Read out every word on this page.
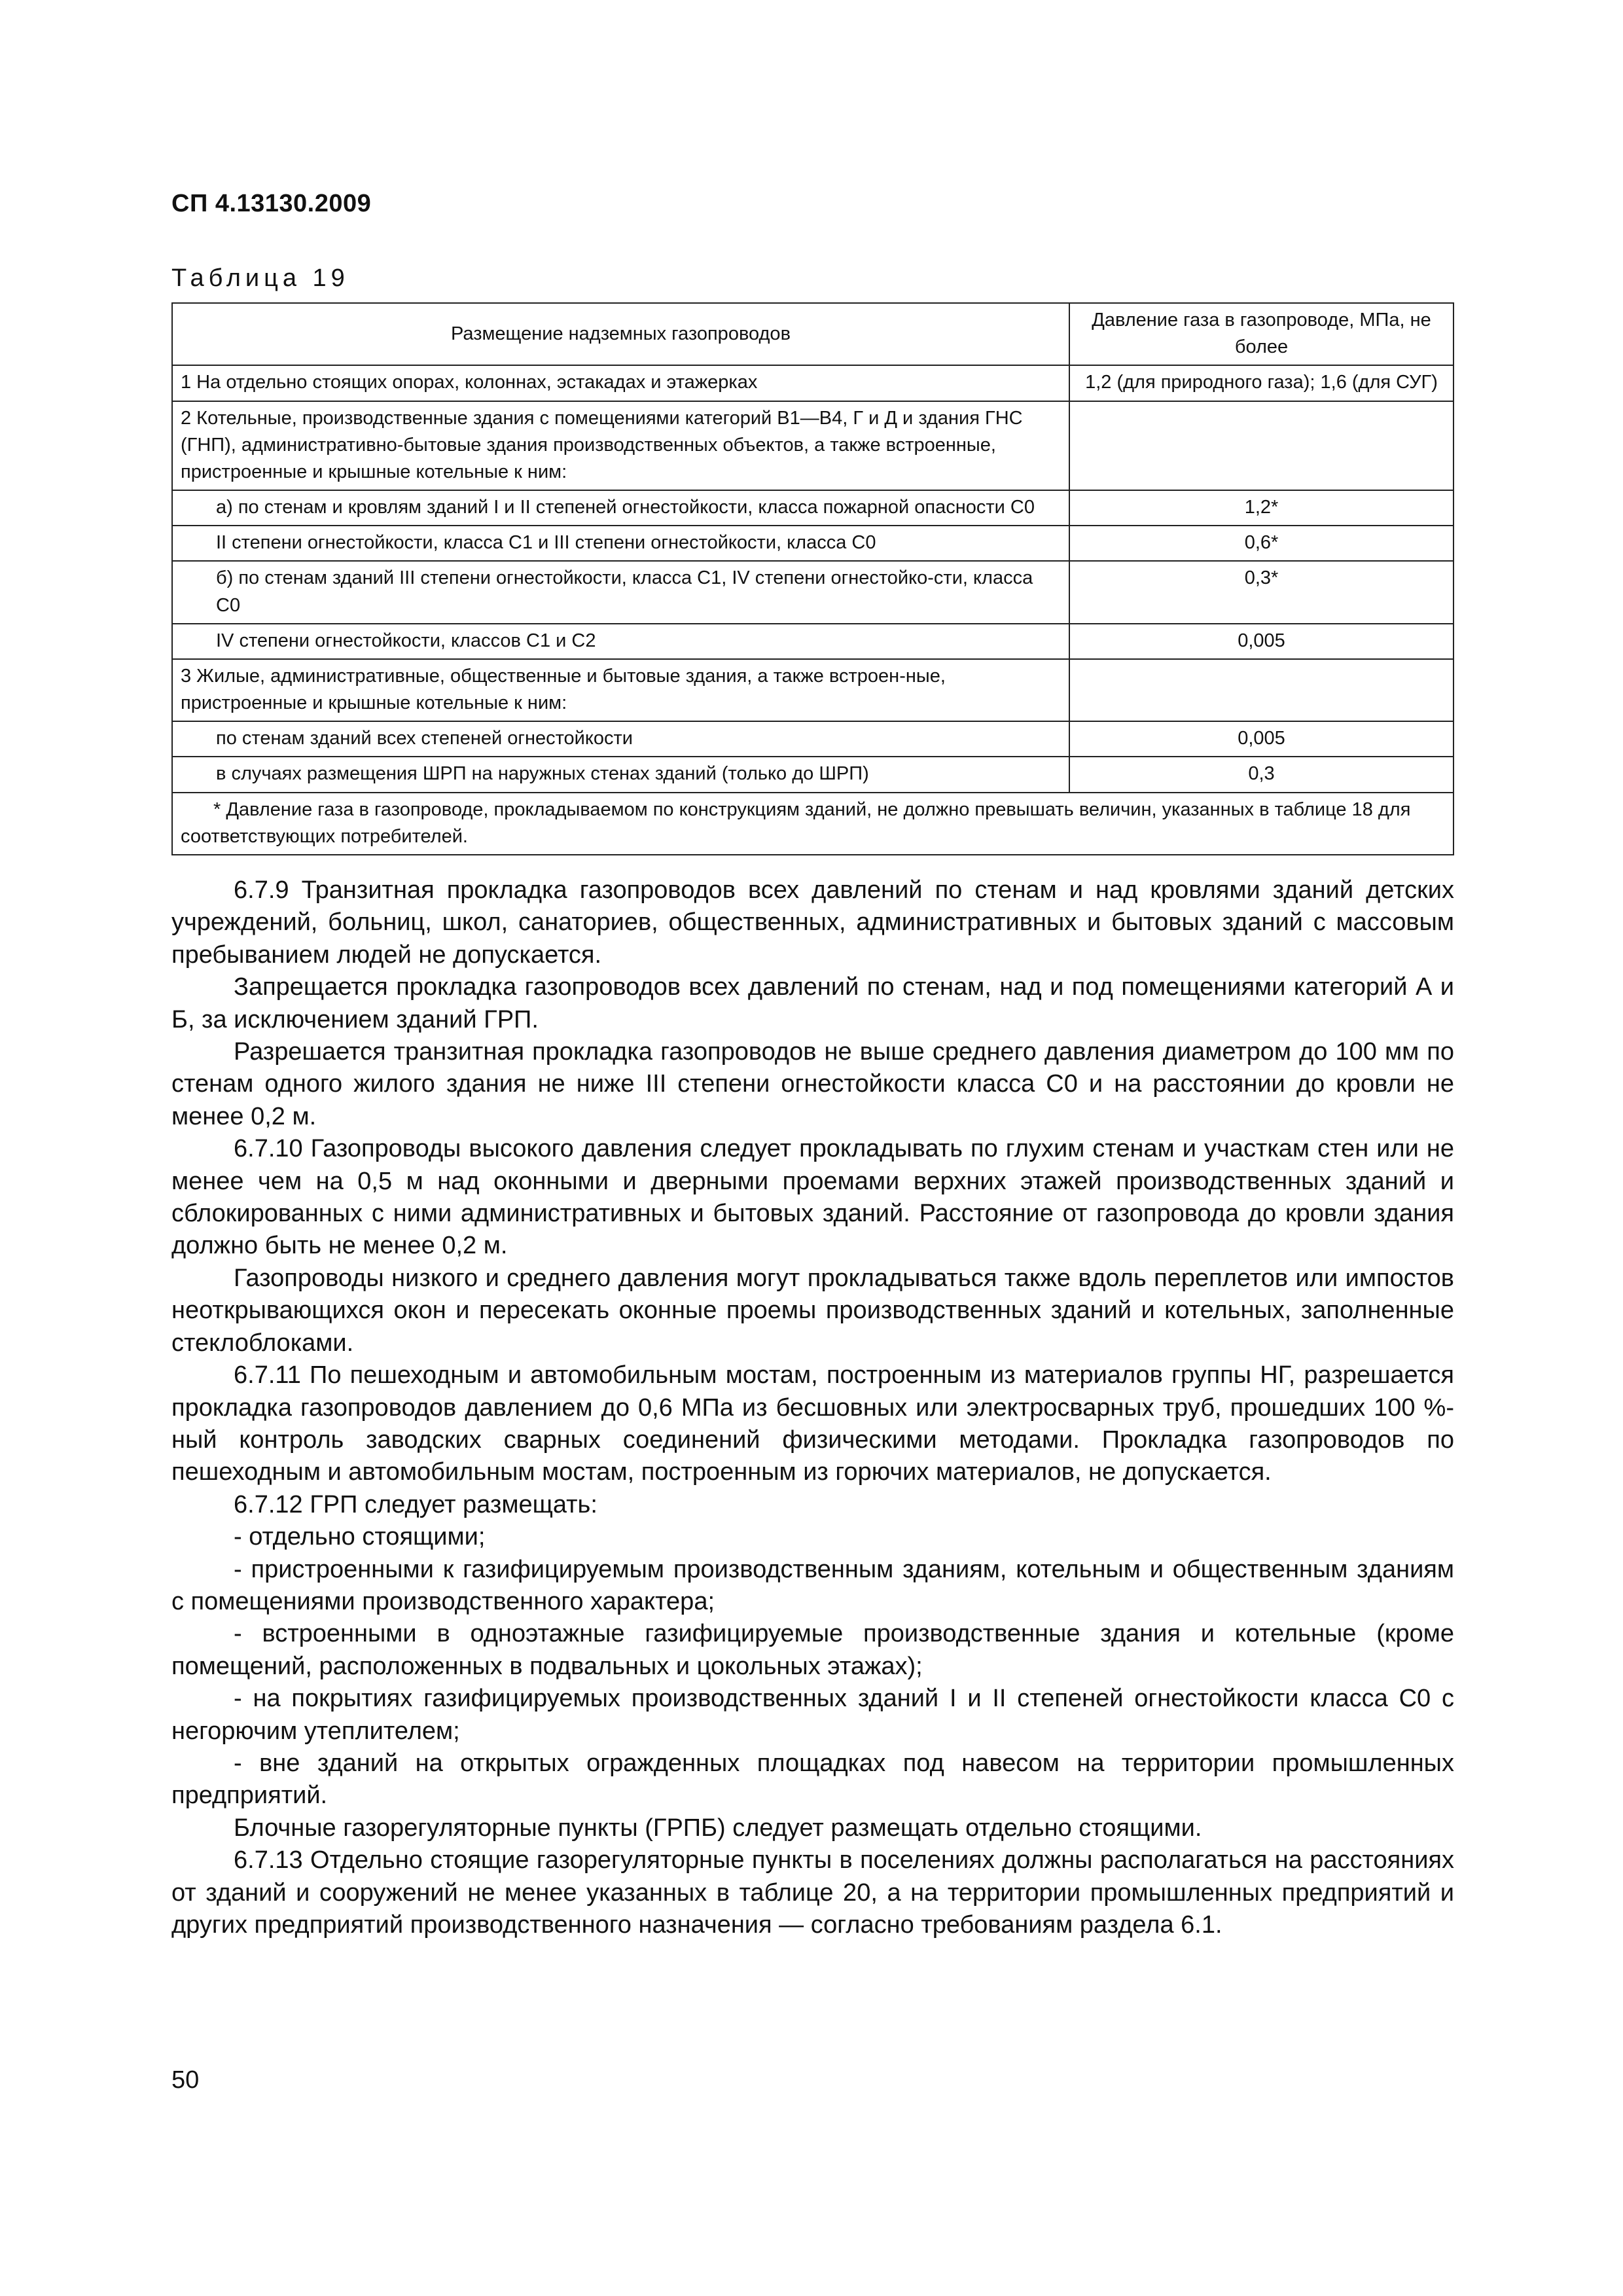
СП 4.13130.2009
Таблица 19
Размещение надземных газопроводов	Давление газа в газопроводе, МПа, не более
1 На отдельно стоящих опорах, колоннах, эстакадах и этажерках	1,2 (для природного газа); 1,6 (для СУГ)
2 Котельные, производственные здания с помещениями категорий В1—В4, Г и Д и здания ГНС (ГНП), административно-бытовые здания производственных объектов, а также встроенные, пристроенные и крышные котельные к ним:	
а) по стенам и кровлям зданий I и II степеней огнестойкости, класса пожарной опасности С0	1,2*
II степени огнестойкости, класса С1 и III степени огнестойкости, класса С0	0,6*
б) по стенам зданий III степени огнестойкости, класса С1, IV степени огнестойко-сти, класса С0	0,3*
IV степени огнестойкости, классов С1 и С2	0,005
3 Жилые, административные, общественные и бытовые здания, а также встроен-ные, пристроенные и крышные котельные к ним:	
по стенам зданий всех степеней огнестойкости	0,005
в случаях размещения ШРП на наружных стенах зданий (только до ШРП)	0,3
* Давление газа в газопроводе, прокладываемом по конструкциям зданий, не должно превышать величин, указанных в таблице 18 для соответствующих потребителей.	

6.7.9 Транзитная прокладка газопроводов всех давлений по стенам и над кровлями зданий детских учреждений, больниц, школ, санаториев, общественных, административных и бытовых зданий с массовым пребыванием людей не допускается.

Запрещается прокладка газопроводов всех давлений по стенам, над и под помещениями категорий А и Б, за исключением зданий ГРП.

Разрешается транзитная прокладка газопроводов не выше среднего давления диаметром до 100 мм по стенам одного жилого здания не ниже III степени огнестойкости класса С0 и на расстоянии до кровли не менее 0,2 м.

6.7.10 Газопроводы высокого давления следует прокладывать по глухим стенам и участкам стен или не менее чем на 0,5 м над оконными и дверными проемами верхних этажей производственных зданий и сблокированных с ними административных и бытовых зданий. Расстояние от газопровода до кровли здания должно быть не менее 0,2 м.

Газопроводы низкого и среднего давления могут прокладываться также вдоль переплетов или импостов неоткрывающихся окон и пересекать оконные проемы производственных зданий и котельных, заполненные стеклоблоками.

6.7.11 По пешеходным и автомобильным мостам, построенным из материалов группы НГ, разрешается прокладка газопроводов давлением до 0,6 МПа из бесшовных или электросварных труб, прошедших 100 %-ный контроль заводских сварных соединений физическими методами. Прокладка газопроводов по пешеходным и автомобильным мостам, построенным из горючих материалов, не допускается.

6.7.12 ГРП следует размещать:

- отдельно стоящими;

- пристроенными к газифицируемым производственным зданиям, котельным и общественным зданиям с помещениями производственного характера;

- встроенными в одноэтажные газифицируемые производственные здания и котельные (кроме помещений, расположенных в подвальных и цокольных этажах);

- на покрытиях газифицируемых производственных зданий I и II степеней огнестойкости класса С0 с негорючим утеплителем;

- вне зданий на открытых огражденных площадках под навесом на территории промышленных предприятий.

Блочные газорегуляторные пункты (ГРПБ) следует размещать отдельно стоящими.

6.7.13 Отдельно стоящие газорегуляторные пункты в поселениях должны располагаться на расстояниях от зданий и сооружений не менее указанных в таблице 20, а на территории промышленных предприятий и других предприятий производственного назначения — согласно требованиям раздела 6.1.

50
